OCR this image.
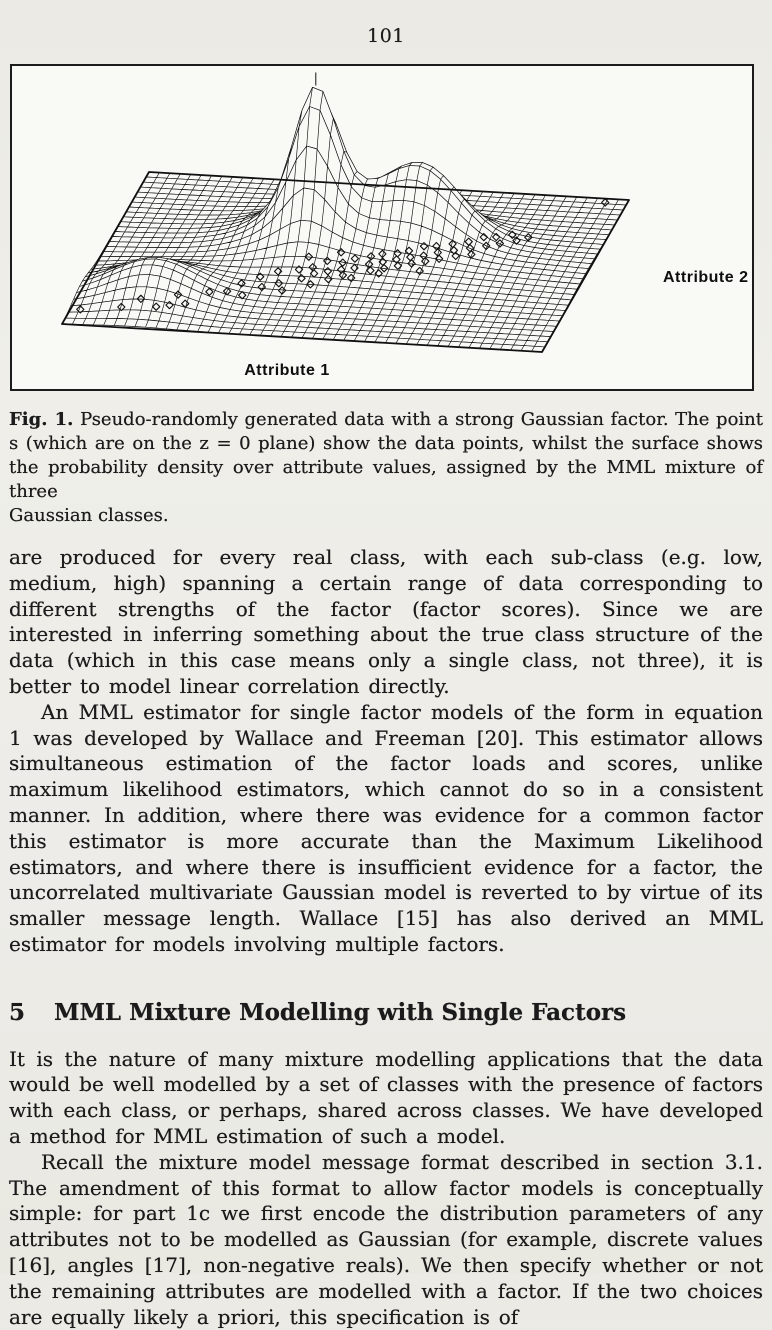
101
Attribute 1
Attribute 2
Fig. 1. Pseudo-randomly generated data with a strong Gaussian factor. The point
s (which are on the z = 0 plane) show the data points, whilst the surface shows
the probability density over attribute values, assigned by the MML mixture of three
Gaussian classes.

are produced for every real class, with each sub-class (e.g. low, medium, high) spanning a certain range of data corresponding to different strengths of the factor (factor scores). Since we are interested in inferring something about the true class structure of the data (which in this case means only a single class, not three), it is better to model linear correlation directly.

An MML estimator for single factor models of the form in equation 1 was developed by Wallace and Freeman [20]. This estimator allows simultaneous estimation of the factor loads and scores, unlike maximum likelihood estimators, which cannot do so in a consistent manner. In addition, where there was evidence for a common factor this estimator is more accurate than the Maximum Likelihood estimators, and where there is insufficient evidence for a factor, the uncorrelated multivariate Gaussian model is reverted to by virtue of its smaller message length. Wallace [15] has also derived an MML estimator for models involving multiple factors.

5 MML Mixture Modelling with Single Factors

It is the nature of many mixture modelling applications that the data would be well modelled by a set of classes with the presence of factors with each class, or perhaps, shared across classes. We have developed a method for MML estimation of such a model.

Recall the mixture model message format described in section 3.1. The amendment of this format to allow factor models is conceptually simple: for part 1c we first encode the distribution parameters of any attributes not to be modelled as Gaussian (for example, discrete values [16], angles [17], non-negative reals). We then specify whether or not the remaining attributes are modelled with a factor. If the two choices are equally likely a priori, this specification is of
